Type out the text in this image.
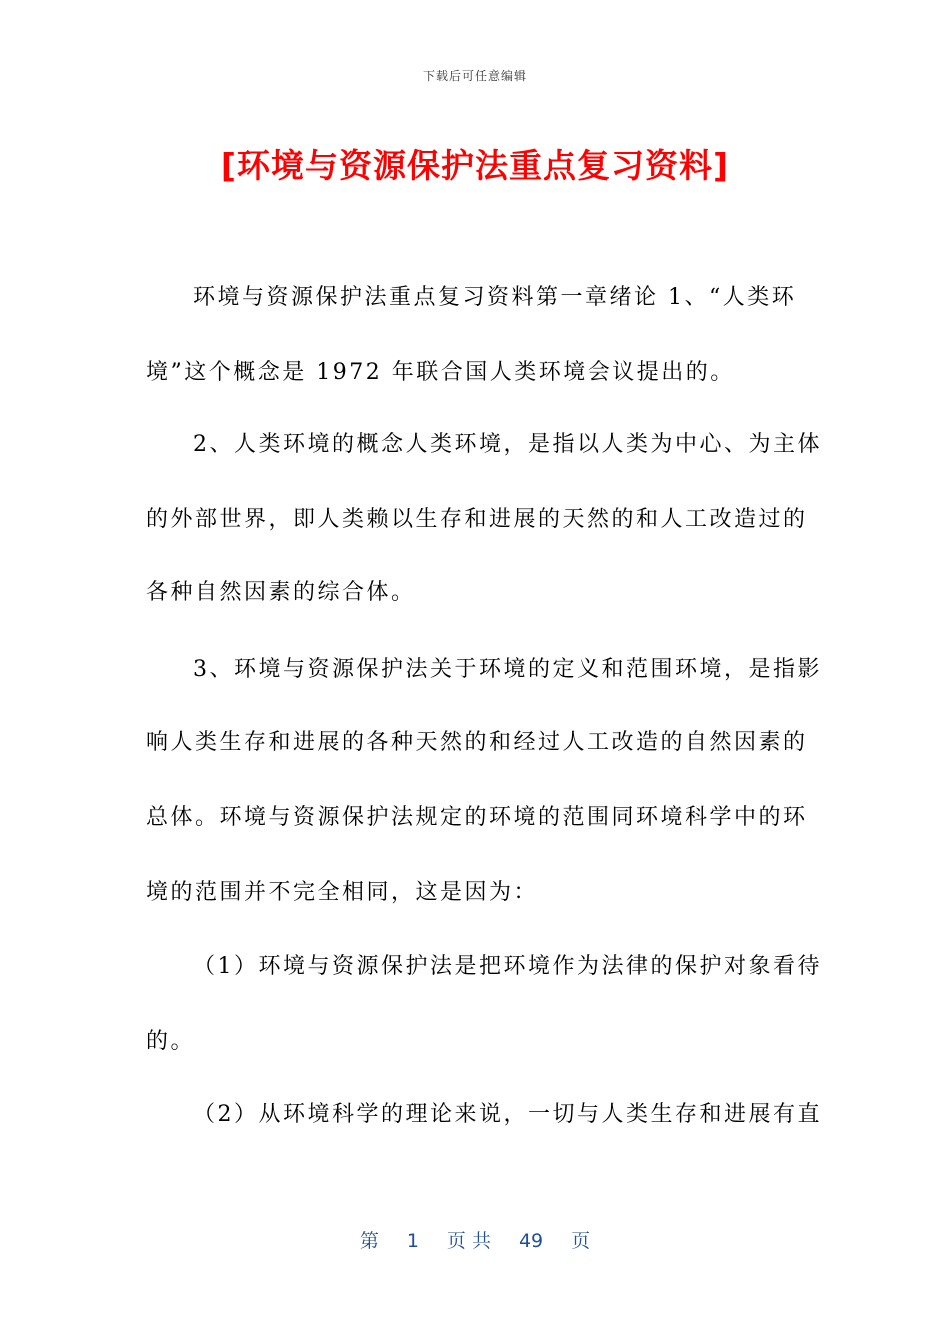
下载后可任意编辑
[环境与资源保护法重点复习资料]
环境与资源保护法重点复习资料第一章绪论 1、“人类环
境”这个概念是 1972 年联合国人类环境会议提出的。
2、人类环境的概念人类环境，是指以人类为中心、为主体
的外部世界，即人类赖以生存和进展的天然的和人工改造过的
各种自然因素的综合体。
3、环境与资源保护法关于环境的定义和范围环境，是指影
响人类生存和进展的各种天然的和经过人工改造的自然因素的
总体。环境与资源保护法规定的环境的范围同环境科学中的环
境的范围并不完全相同，这是因为：
（1）环境与资源保护法是把环境作为法律的保护对象看待
的。
（2）从环境科学的理论来说，一切与人类生存和进展有直
第 1 页 共 49 页
